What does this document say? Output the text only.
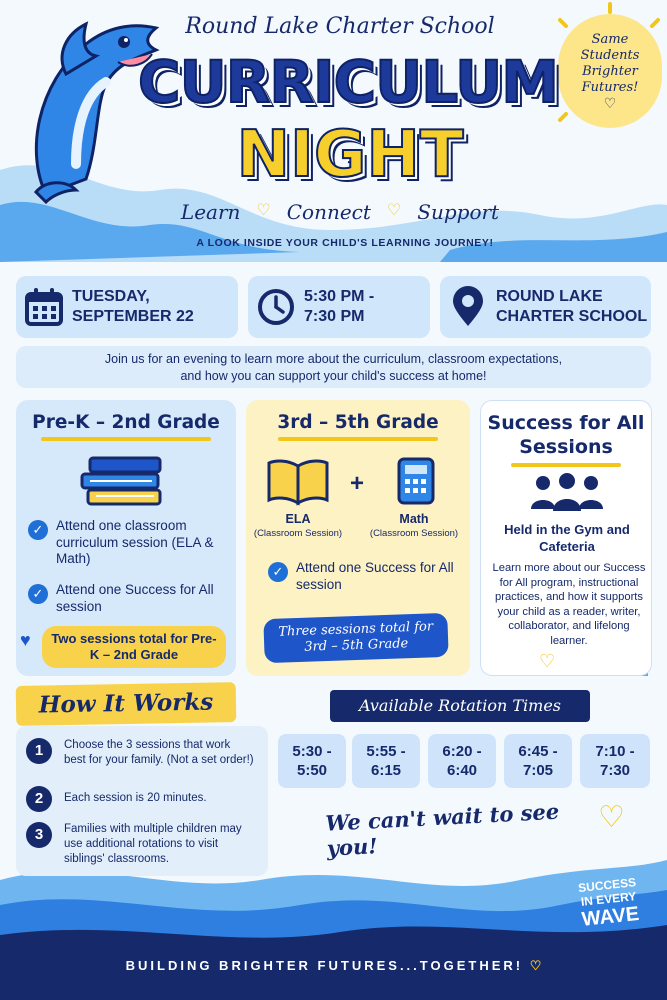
Same
Students
Brighter
Futures!
♡
Round Lake Charter School
CURRICULUM
NIGHT
Learn ♡ Connect ♡ Support
A LOOK INSIDE YOUR CHILD'S LEARNING JOURNEY!
TUESDAY,
SEPTEMBER 22
5:30 PM -
7:30 PM
ROUND LAKE
CHARTER SCHOOL
Join us for an evening to learn more about the curriculum, classroom expectations,
and how you can support your child's success at home!
Pre-K – 2nd Grade
✓ Attend one classroom curriculum session (ELA & Math)
✓ Attend one Success for All session
Two sessions total for Pre-K – 2nd Grade
♥
3rd – 5th Grade
+
ELA
(Classroom Session)
Math
(Classroom Session)
✓ Attend one Success for All session
Three sessions total for 3rd – 5th Grade
Success for All Sessions
Held in the Gym and Cafeteria
Learn more about our Success for All program, instructional practices, and how it supports your child as a reader, writer, collaborator, and lifelong learner.
♡
How It Works
1	Choose the 3 sessions that work best for your family. (Not a set order!)
2	Each session is 20 minutes.
3	Families with multiple children may use additional rotations to visit siblings' classrooms.
Available Rotation Times
5:30 -
5:50
5:55 -
6:15
6:20 -
6:40
6:45 -
7:05
7:10 -
7:30
We can't wait to see you!
♡
SUCCESS
IN EVERY
WAVE
BUILDING BRIGHTER FUTURES...TOGETHER! ♡
